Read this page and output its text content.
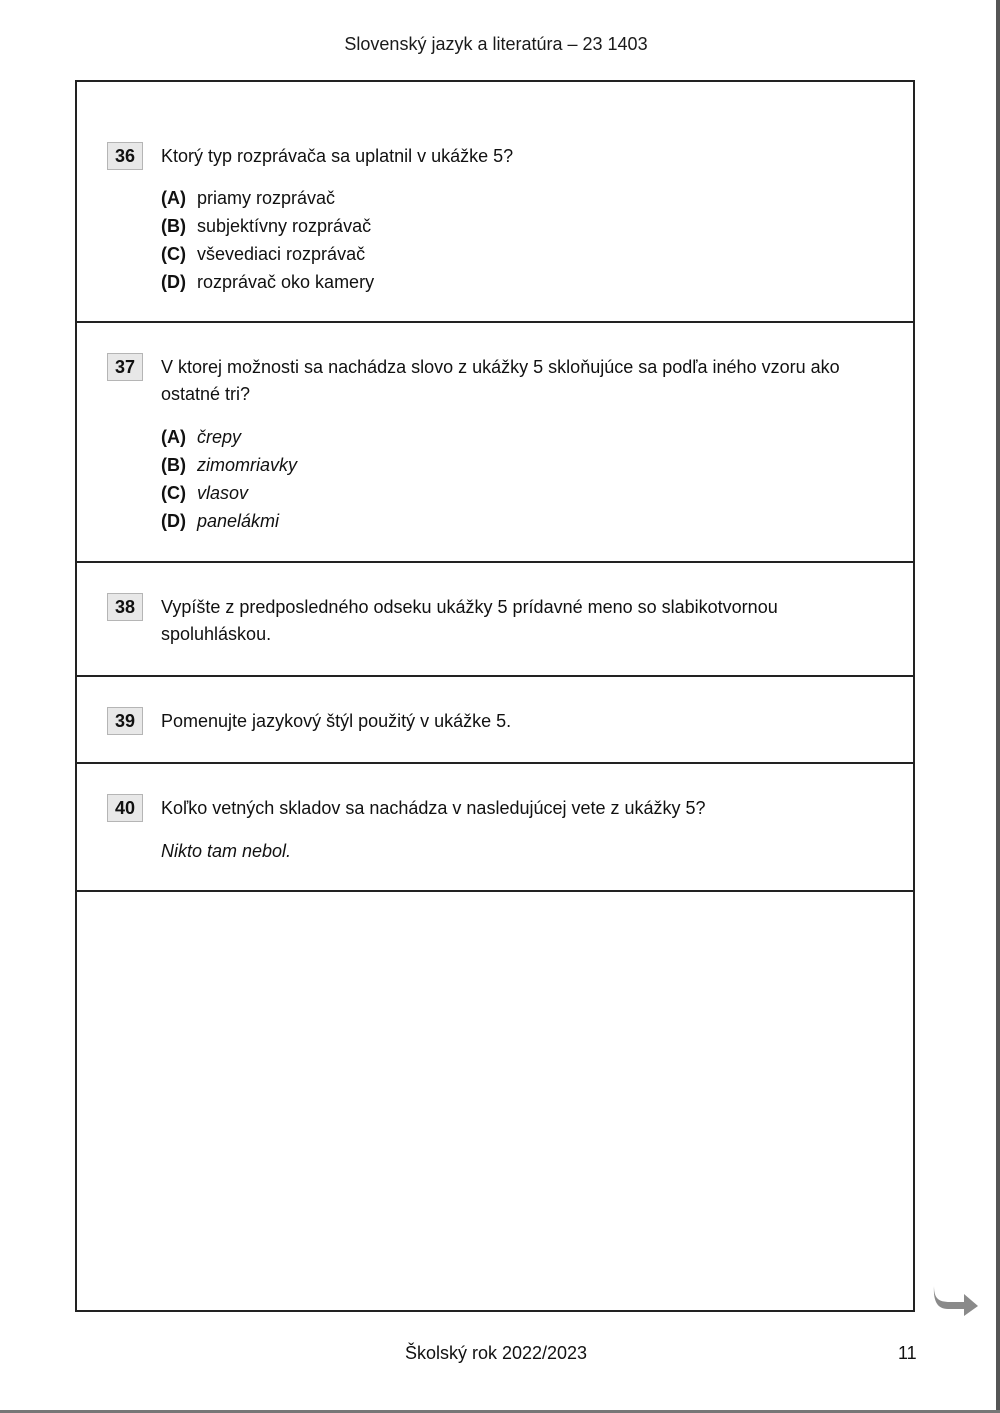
Slovenský jazyk a literatúra – 23 1403
36	Ktorý typ rozprávača sa uplatnil v ukážke 5?
(A) priamy rozprávač
(B) subjektívny rozprávač
(C) vševediaci rozprávač
(D) rozprávač oko kamery
37	V ktorej možnosti sa nachádza slovo z ukážky 5 skloňujúce sa podľa iného vzoru ako ostatné tri?
(A) črepy
(B) zimomriavky
(C) vlasov
(D) panelákmi
38	Vypíšte z predposledného odseku ukážky 5 prídavné meno so slabikotvornou spoluhláskou.
39	Pomenujte jazykový štýl použitý v ukážke 5.
40	Koľko vetných skladov sa nachádza v nasledujúcej vete z ukážky 5?
Nikto tam nebol.
Školský rok 2022/2023	11
